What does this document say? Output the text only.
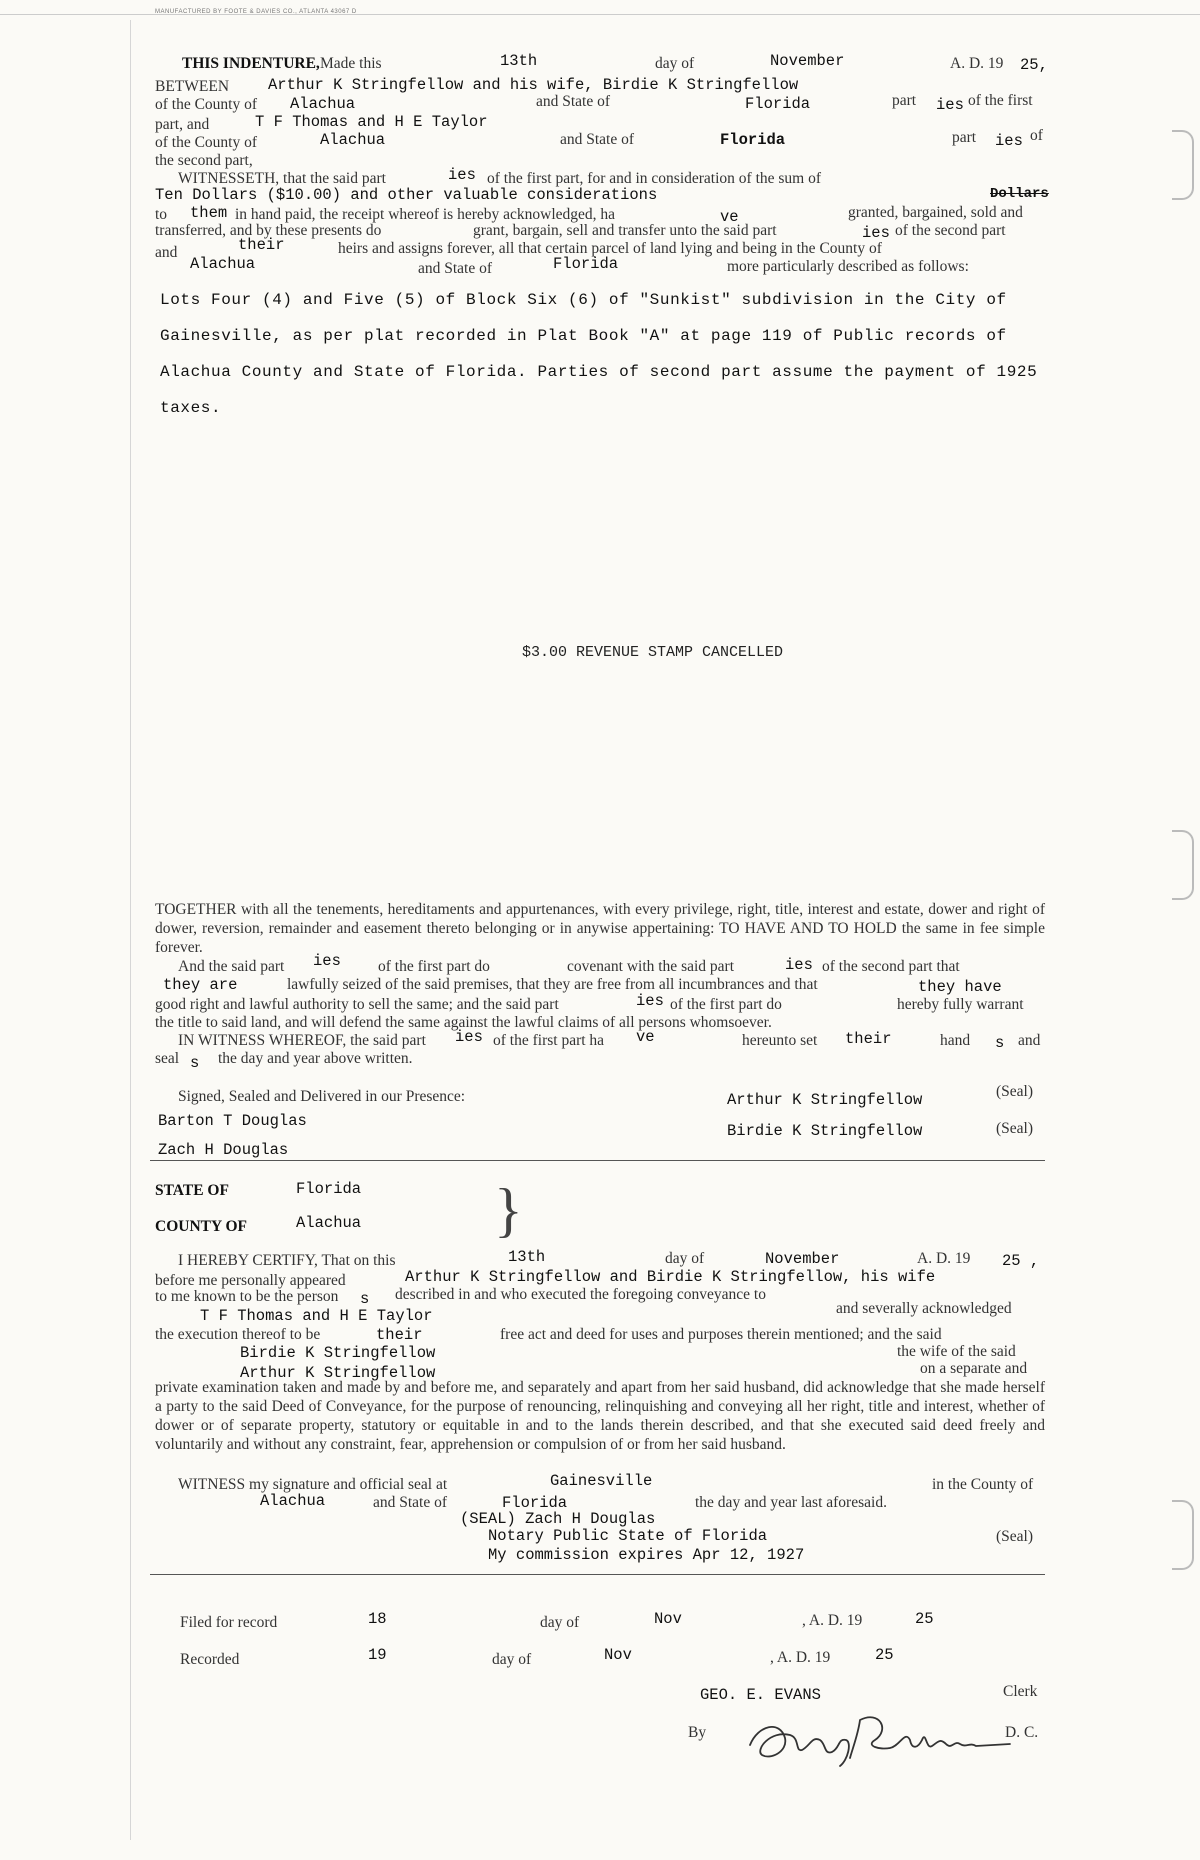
MANUFACTURED BY FOOTE & DAVIES CO., ATLANTA 43067 D
THIS INDENTURE, Made this	13th	day of	November	A. D. 19 25,
BETWEEN	Arthur K Stringfellow and his wife, Birdie K Stringfellow
of the County of Alachua	and State of	Florida	part ies of the first
part, and	T F Thomas and H E Taylor
of the County of	Alachua	and State of	Florida	part ies of
the second part,
WITNESSETH, that the said part	ies of the first part, for and in consideration of the sum of
Ten Dollars ($10.00) and other valuable considerations	Dollars
to them in hand paid, the receipt whereof is hereby acknowledged, ha	ve	granted, bargained, sold and
transferred, and by these presents do	grant, bargain, sell and transfer unto the said part	ies of the second part
and	their	heirs and assigns forever, all that certain parcel of land lying and being in the County of
Alachua	and State of	Florida	more particularly described as follows:
Lots Four (4) and Five (5) of Block Six (6) of "Sunkist" subdivision in the City of
Gainesville, as per plat recorded in Plat Book "A" at page 119 of Public records of
Alachua County and State of Florida. Parties of second part assume the payment of 1925
taxes.
$3.00 REVENUE STAMP CANCELLED
TOGETHER with all the tenements, hereditaments and appurtenances, with every privilege, right, title, interest and estate, dower and right of dower, reversion, remainder and easement thereto belonging or in anywise appertaining: TO HAVE AND TO HOLD the same in fee simple forever.
And the said part ies of the first part do	covenant with the said part	ies of the second part that
they are	lawfully seized of the said premises, that they are free from all incumbrances and that	they have
good right and lawful authority to sell the same; and the said part	ies of the first part do	hereby fully warrant
the title to said land, and will defend the same against the lawful claims of all persons whomsoever.
IN WITNESS WHEREOF, the said part ies of the first part ha ve	hereunto set their	hand s and
seal s the day and year above written.
Signed, Sealed and Delivered in our Presence:
Barton T Douglas
Zach H Douglas
Arthur K Stringfellow	(Seal)
Birdie K Stringfellow	(Seal)
STATE OF	Florida
COUNTY OF	Alachua }
I HEREBY CERTIFY, That on this	13th	day of	November	A. D. 19 25 ,
before me personally appeared	Arthur K Stringfellow and Birdie K Stringfellow, his wife
to me known to be the person s described in and who executed the foregoing conveyance to
T F Thomas and H E Taylor	and severally acknowledged
the execution thereof to be	their	free act and deed for uses and purposes therein mentioned; and the said
Birdie K Stringfellow	the wife of the said
Arthur K Stringfellow	on a separate and
private examination taken and made by and before me, and separately and apart from her said husband, did acknowledge that she made herself a party to the said Deed of Conveyance, for the purpose of renouncing, relinquishing and conveying all her right, title and interest, whether of dower or of separate property, statutory or equitable in and to the lands therein described, and that she executed said deed freely and voluntarily and without any constraint, fear, apprehension or compulsion of or from her said husband.
WITNESS my signature and official seal at	Gainesville	in the County of
Alachua	and State of	Florida	the day and year last aforesaid.
(SEAL) Zach H Douglas
Notary Public State of Florida	(Seal)
My commission expires Apr 12, 1927
Filed for record	18	day of	Nov	, A. D. 19	25
Recorded	19	day of	Nov	, A. D. 19	25
GEO. E. EVANS	Clerk
By	D. C.
